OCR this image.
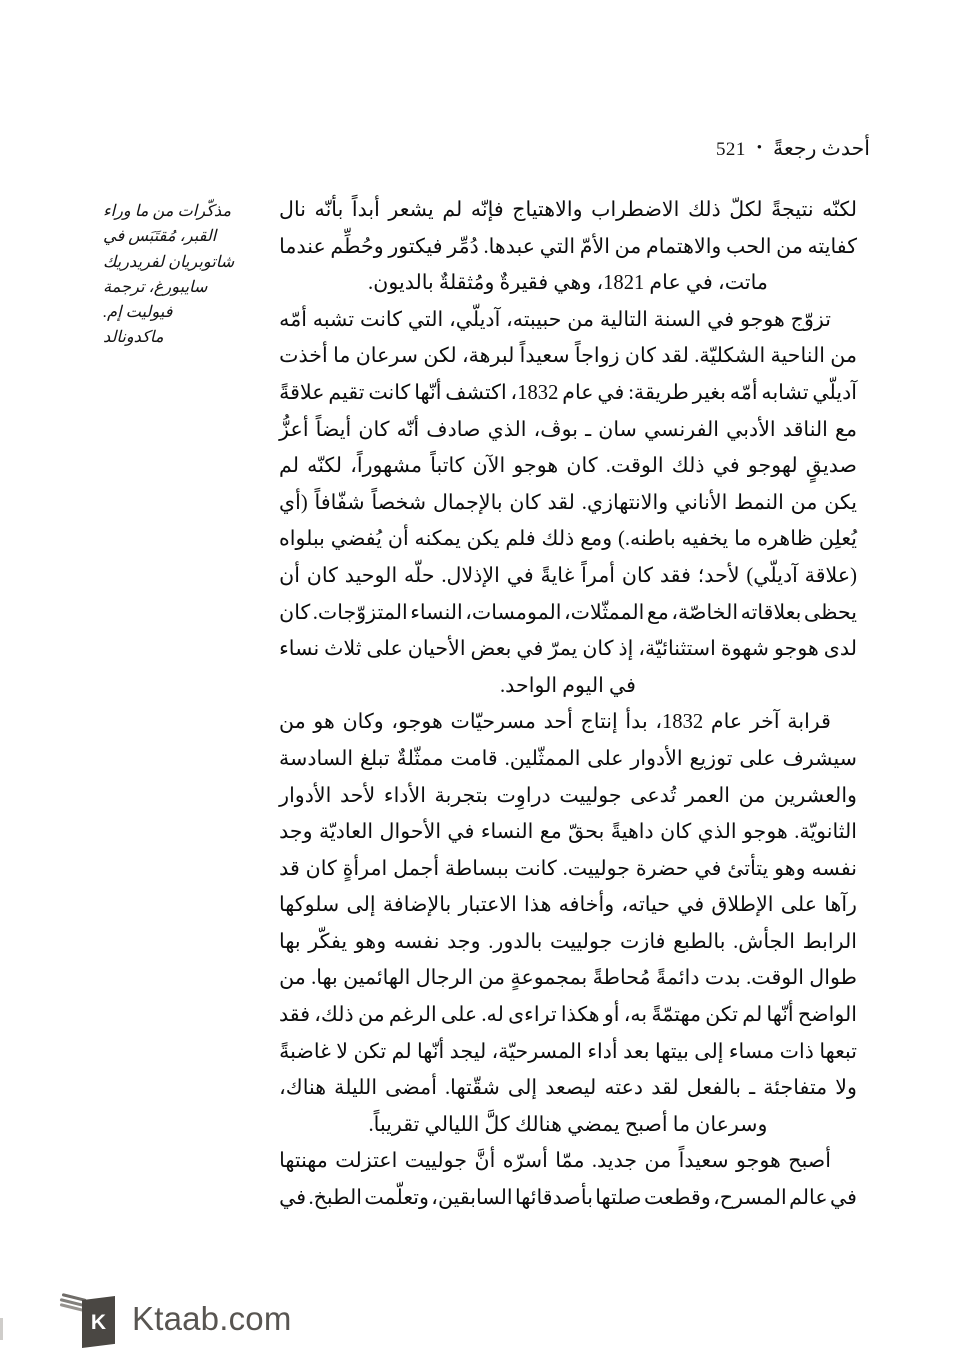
أحدث رجعةً
•
521
مذكّرات من ما وراء
القبر، مُقتَبَس في
شاتوبريان لفريدريك
سايبورغ، ترجمة
فيوليت إم.
ماكدونالد
لكنّه
نتيجةً
لكلّ
ذلك
الاضطراب
والاهتياج
فإنّه
لم
يشعر
أبداً
بأنّه
نال
كفايته
من
الحب
والاهتمام
من
الأمّ
التي
عبدها.
دُمِّر
فيكتور
وحُطِّم
عندما
ماتت، في عام 1821، وهي فقيرةٌ ومُثقلةٌ بالديون.
تزوّج
هوجو
في
السنة
التالية
من
حبيبته،
آديلّي،
التي
كانت
تشبه
أمّه
من
الناحية
الشكليّة.
لقد
كان
زواجاً
سعيداً
لبرهة،
لكن
سرعان
ما
أخذت
آديلّي
تشابه
أمّه
بغير
طريقة:
في
عام
1832،
اكتشف
أنّها
كانت
تقيم
علاقةً
مع
الناقد
الأدبي
الفرنسي
سان
ـ
بوڤ،
الذي
صادف
أنّه
كان
أيضاً
أعزُّ
صديقٍ
لهوجو
في
ذلك
الوقت.
كان
هوجو
الآن
كاتباً
مشهوراً،
لكنّه
لم
يكن
من
النمط
الأناني
والانتهازي.
لقد
كان
بالإجمال
شخصاً
شفّافاً
(أي
يُعلِن
ظاهره
ما
يخفيه
باطنه.)
ومع
ذلك
فلم
يكن
يمكنه
أن
يُفضي
ببلواه
(علاقة
آديلّي)
لأحد؛
فقد
كان
أمراً
غايةً
في
الإذلال.
حلّه
الوحيد
كان
أن
يحظى
بعلاقاته
الخاصّة،
مع
الممثّلات،
المومسات،
النساء
المتزوّجات.
كان
لدى
هوجو
شهوة
استثنائيّة،
إذ
كان
يمرّ
في
بعض
الأحيان
على
ثلاث
نساء
في اليوم الواحد.
قرابة
آخر
عام
1832،
بدأ
إنتاج
أحد
مسرحيّات
هوجو،
وكان
هو
من
سيشرف
على
توزيع
الأدوار
على
الممثّلين.
قامت
ممثّلةٌ
تبلغ
السادسة
والعشرين
من
العمر
تُدعى
جولييت
دراوِت
بتجربة
الأداء
لأحد
الأدوار
الثانويّة.
هوجو
الذي
كان
داهيةً
بحقّ
مع
النساء
في
الأحوال
العاديّة
وجد
نفسه
وهو
يتأتئ
في
حضرة
جولييت.
كانت
ببساطة
أجمل
امرأةٍ
كان
قد
رآها
على
الإطلاق
في
حياته،
وأخافه
هذا
الاعتبار
بالإضافة
إلى
سلوكها
الرابط
الجأش.
بالطبع
فازت
جولييت
بالدور.
وجد
نفسه
وهو
يفكّر
بها
طوال
الوقت.
بدت
دائمةً
مُحاطةً
بمجموعةٍ
من
الرجال
الهائمين
بها.
من
الواضح
أنّها
لم
تكن
مهتمّةً
به،
أو
هكذا
تراءى
له.
على
الرغم
من
ذلك،
فقد
تبعها
ذات
مساء
إلى
بيتها
بعد
أداء
المسرحيّة،
ليجد
أنّها
لم
تكن
لا
غاضبةً
ولا
متفاجئة
ـ
بالفعل
لقد
دعته
ليصعد
إلى
شقّتها.
أمضى
الليلة
هناك،
وسرعان ما أصبح يمضي هنالك كلَّ الليالي تقريباً.
أصبح
هوجو
سعيداً
من
جديد.
ممّا
أسرّه
أنَّ
جولييت
اعتزلت
مهنتها
في
عالم
المسرح،
وقطعت
صلتها
بأصدقائها
السابقين،
وتعلّمت
الطبخ.
في
K Ktaab.com
